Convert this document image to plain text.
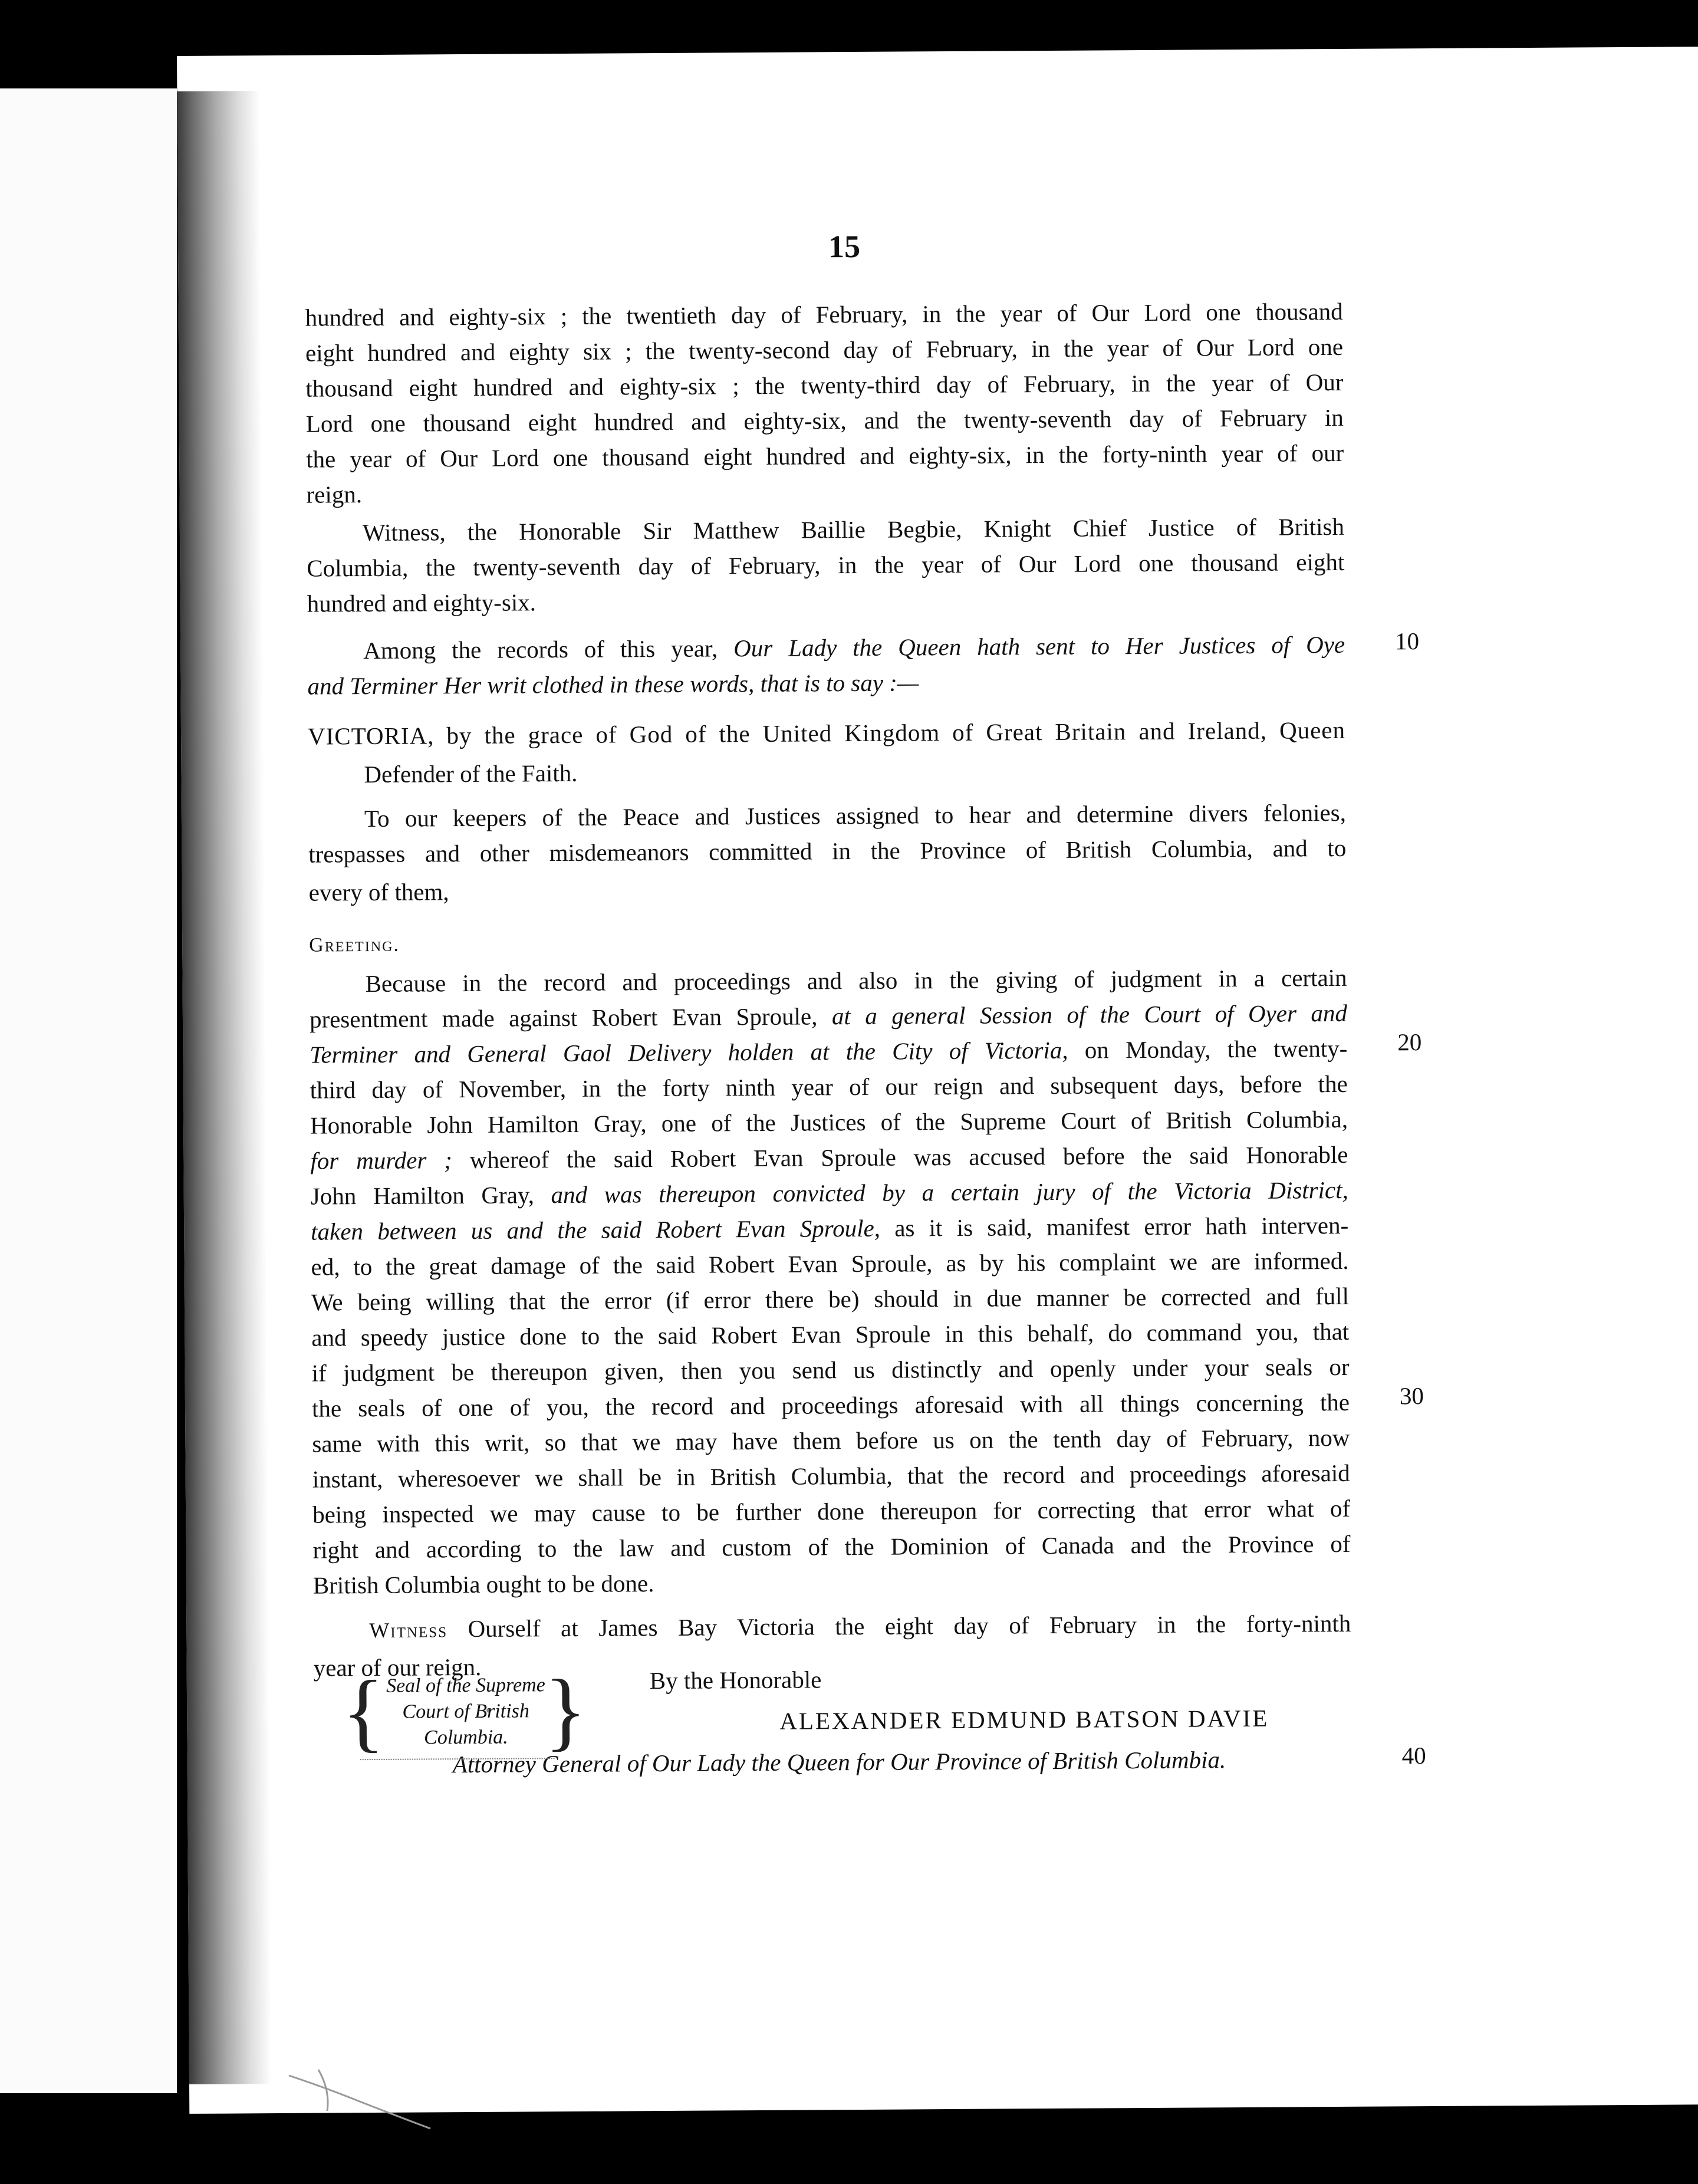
15
hundred and eighty-six ; the twentieth day of February, in the year of Our Lord one thousand
eight hundred and eighty six ; the twenty-second day of February, in the year of Our Lord one
thousand eight hundred and eighty-six ; the twenty-third day of February, in the year of Our
Lord one thousand eight hundred and eighty-six, and the twenty-seventh day of February in
the year of Our Lord one thousand eight hundred and eighty-six, in the forty-ninth year of our
reign.
Witness, the Honorable Sir Matthew Baillie Begbie, Knight Chief Justice of British
Columbia, the twenty-seventh day of February, in the year of Our Lord one thousand eight
hundred and eighty-six.
Among the records of this year, Our Lady the Queen hath sent to Her Justices of Oye 10
and Terminer Her writ clothed in these words, that is to say :—
VICTORIA, by the grace of God of the United Kingdom of Great Britain and Ireland, Queen
Defender of the Faith.
To our keepers of the Peace and Justices assigned to hear and determine divers felonies,
trespasses and other misdemeanors committed in the Province of British Columbia, and to
every of them,
Greeting.
Because in the record and proceedings and also in the giving of judgment in a certain
presentment made against Robert Evan Sproule, at a general Session of the Court of Oyer and
Terminer and General Gaol Delivery holden at the City of Victoria, on Monday, the twenty- 20
third day of November, in the forty ninth year of our reign and subsequent days, before the
Honorable John Hamilton Gray, one of the Justices of the Supreme Court of British Columbia,
for murder ; whereof the said Robert Evan Sproule was accused before the said Honorable
John Hamilton Gray, and was thereupon convicted by a certain jury of the Victoria District,
taken between us and the said Robert Evan Sproule, as it is said, manifest error hath interven-
ed, to the great damage of the said Robert Evan Sproule, as by his complaint we are informed.
We being willing that the error (if error there be) should in due manner be corrected and full
and speedy justice done to the said Robert Evan Sproule in this behalf, do command you, that
if judgment be thereupon given, then you send us distinctly and openly under your seals or
the seals of one of you, the record and proceedings aforesaid with all things concerning the 30
same with this writ, so that we may have them before us on the tenth day of February, now
instant, wheresoever we shall be in British Columbia, that the record and proceedings aforesaid
being inspected we may cause to be further done thereupon for correcting that error what of
right and according to the law and custom of the Dominion of Canada and the Province of
British Columbia ought to be done.
Witness Ourself at James Bay Victoria the eight day of February in the forty-ninth
year of our reign.	By the Honorable
ALEXANDER EDMUND BATSON DAVIE
Attorney General of Our Lady the Queen for Our Province of British Columbia.	40
{ }
Seal of the Supreme
Court of British
Columbia.
